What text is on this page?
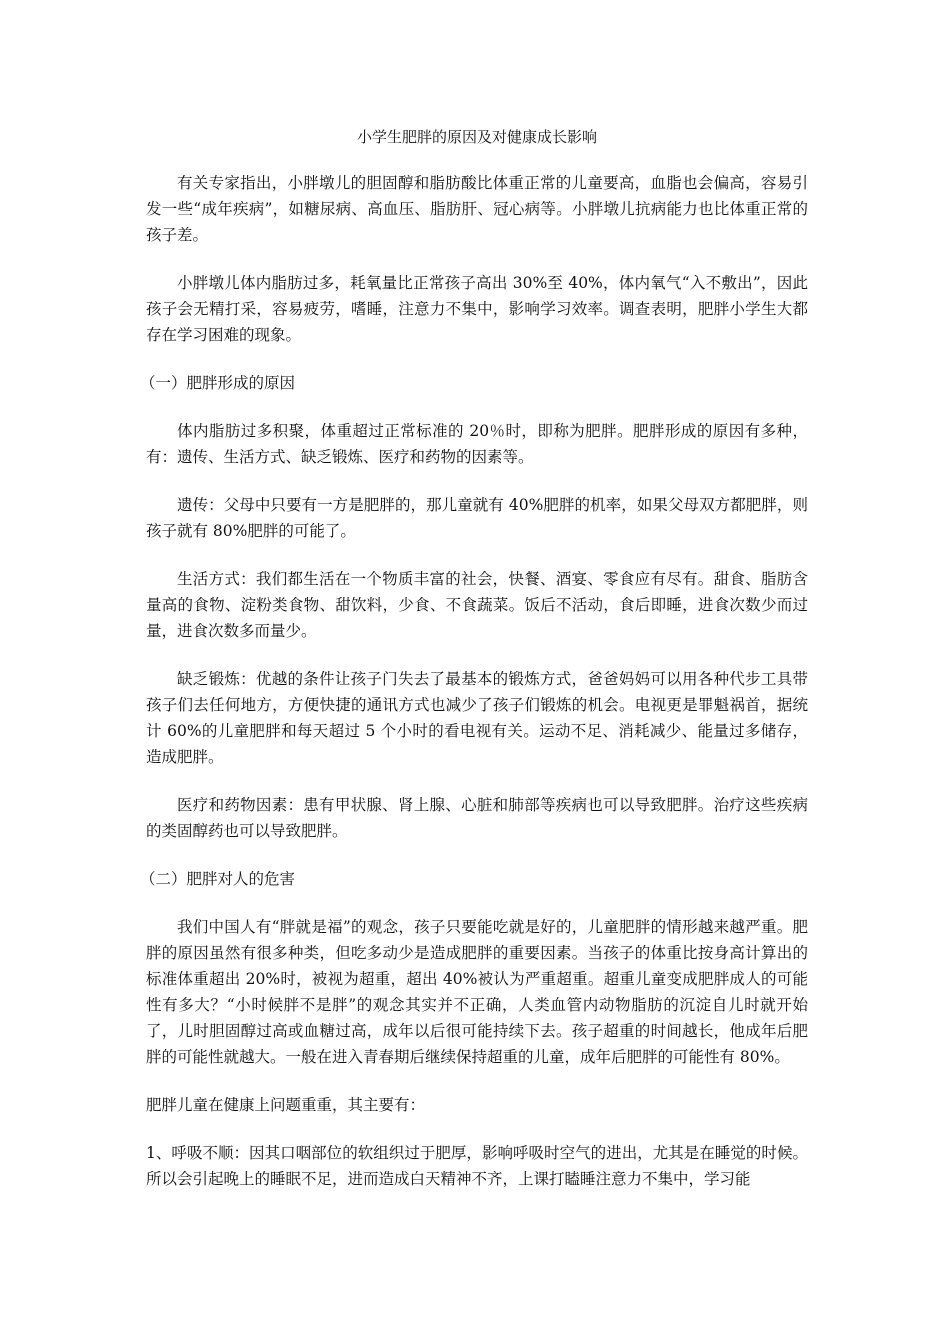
小学生肥胖的原因及对健康成长影响

有关专家指出，小胖墩儿的胆固醇和脂肪酸比体重正常的儿童要高，血脂也会偏高，容易引发一些“成年疾病”，如糖尿病、高血压、脂肪肝、冠心病等。小胖墩儿抗病能力也比体重正常的孩子差。

小胖墩儿体内脂肪过多，耗氧量比正常孩子高出 30%至 40%，体内氧气“入不敷出”，因此孩子会无精打采，容易疲劳，嗜睡，注意力不集中，影响学习效率。调查表明，肥胖小学生大都存在学习困难的现象。

（一）肥胖形成的原因

体内脂肪过多积聚，体重超过正常标准的 20％时，即称为肥胖。肥胖形成的原因有多种，有：遗传、生活方式、缺乏锻炼、医疗和药物的因素等。

遗传：父母中只要有一方是肥胖的，那儿童就有 40%肥胖的机率，如果父母双方都肥胖，则孩子就有 80%肥胖的可能了。

生活方式：我们都生活在一个物质丰富的社会，快餐、酒宴、零食应有尽有。甜食、脂肪含量高的食物、淀粉类食物、甜饮料，少食、不食蔬菜。饭后不活动，食后即睡，进食次数少而过量，进食次数多而量少。

缺乏锻炼：优越的条件让孩子门失去了最基本的锻炼方式，爸爸妈妈可以用各种代步工具带孩子们去任何地方，方便快捷的通讯方式也减少了孩子们锻炼的机会。电视更是罪魁祸首，据统计 60%的儿童肥胖和每天超过 5 个小时的看电视有关。运动不足、消耗减少、能量过多储存，造成肥胖。

医疗和药物因素：患有甲状腺、肾上腺、心脏和肺部等疾病也可以导致肥胖。治疗这些疾病的类固醇药也可以导致肥胖。

（二）肥胖对人的危害

我们中国人有“胖就是福”的观念，孩子只要能吃就是好的，儿童肥胖的情形越来越严重。肥胖的原因虽然有很多种类，但吃多动少是造成肥胖的重要因素。当孩子的体重比按身高计算出的标准体重超出 20%时，被视为超重，超出 40%被认为严重超重。超重儿童变成肥胖成人的可能性有多大？“小时候胖不是胖”的观念其实并不正确，人类血管内动物脂肪的沉淀自儿时就开始了，儿时胆固醇过高或血糖过高，成年以后很可能持续下去。孩子超重的时间越长，他成年后肥胖的可能性就越大。一般在进入青春期后继续保持超重的儿童，成年后肥胖的可能性有 80%。

肥胖儿童在健康上问题重重，其主要有：

1、呼吸不顺：因其口咽部位的软组织过于肥厚，影响呼吸时空气的进出，尤其是在睡觉的时候。所以会引起晚上的睡眠不足，进而造成白天精神不齐，上课打瞌睡注意力不集中，学习能
